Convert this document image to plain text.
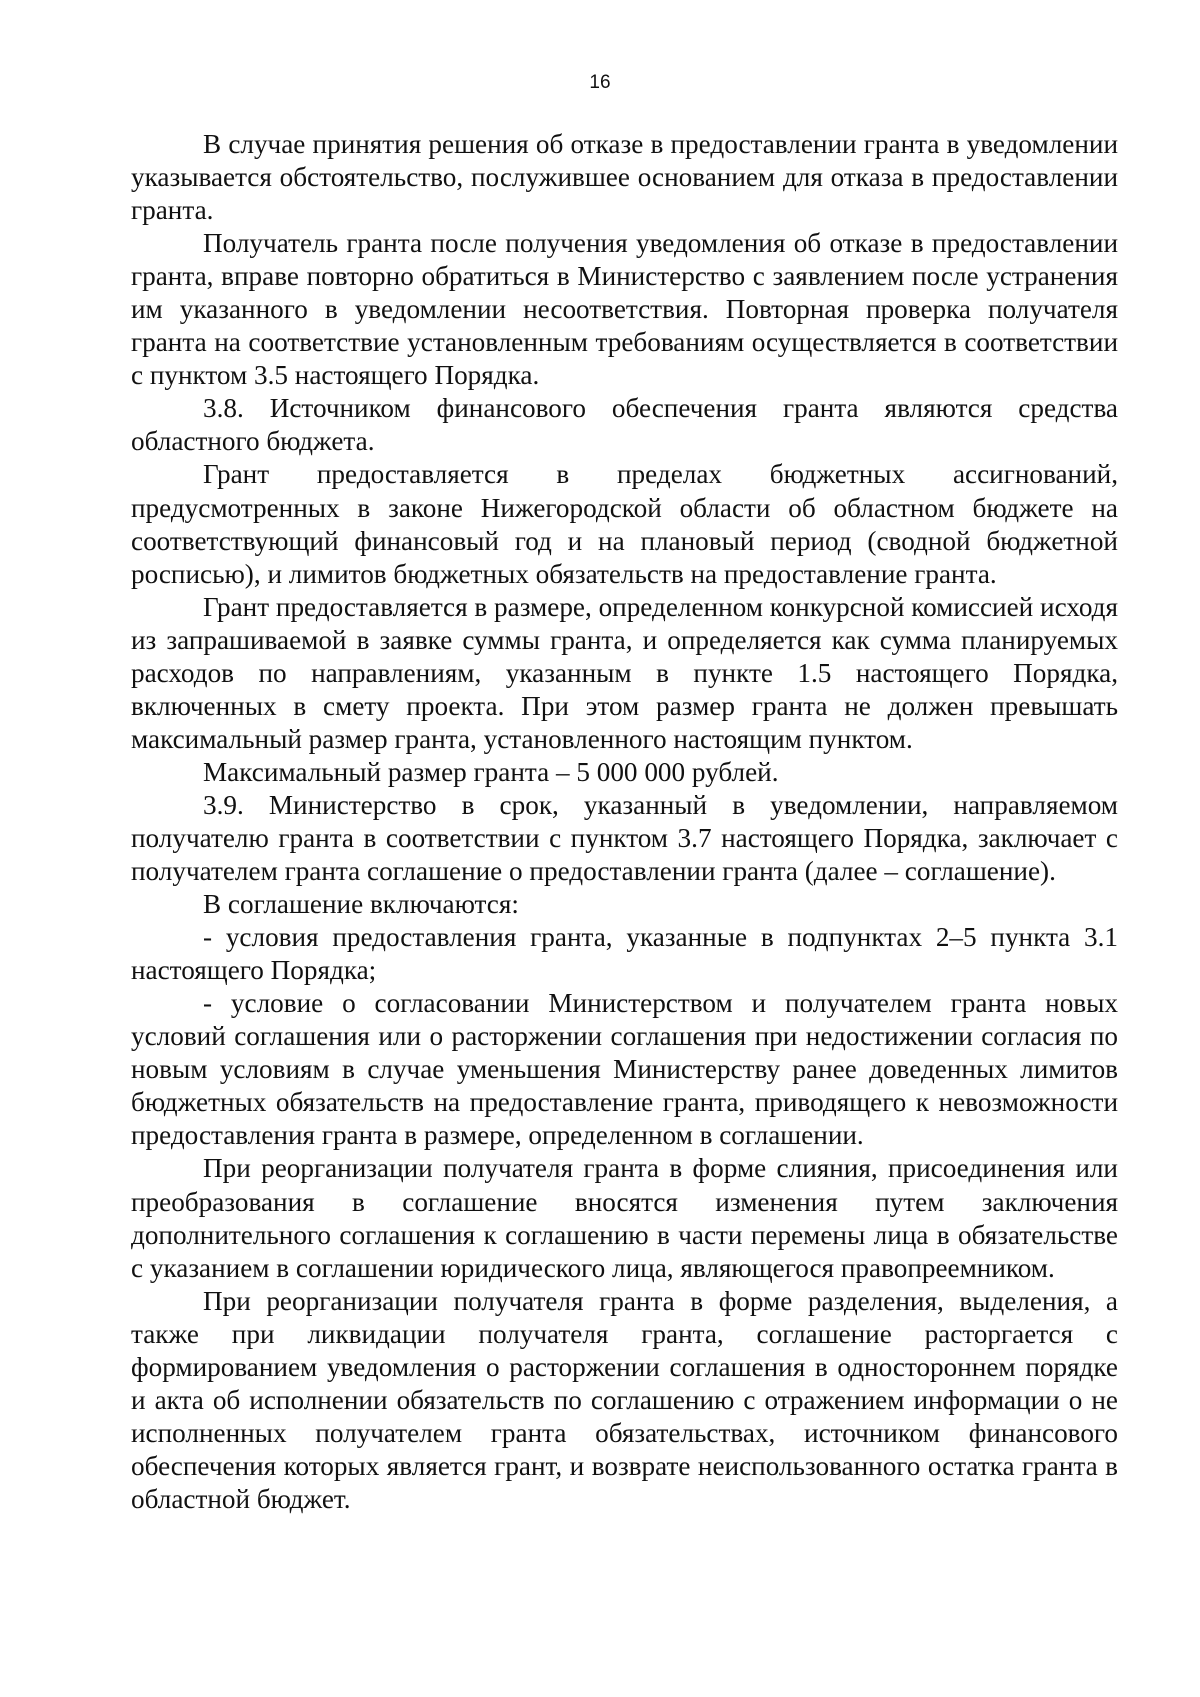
16

В случае принятия решения об отказе в предоставлении гранта в уведомлении указывается обстоятельство, послужившее основанием для отказа в предоставлении гранта.

Получатель гранта после получения уведомления об отказе в предоставлении гранта, вправе повторно обратиться в Министерство с заявлением после устранения им указанного в уведомлении несоответствия. Повторная проверка получателя гранта на соответствие установленным требованиям осуществляется в соответствии с пунктом 3.5 настоящего Порядка.

3.8. Источником финансового обеспечения гранта являются средства областного бюджета.

Грант предоставляется в пределах бюджетных ассигнований, предусмотренных в законе Нижегородской области об областном бюджете на соответствующий финансовый год и на плановый период (сводной бюджетной росписью), и лимитов бюджетных обязательств на предоставление гранта.

Грант предоставляется в размере, определенном конкурсной комиссией исходя из запрашиваемой в заявке суммы гранта, и определяется как сумма планируемых расходов по направлениям, указанным в пункте 1.5 настоящего Порядка, включенных в смету проекта. При этом размер гранта не должен превышать максимальный размер гранта, установленного настоящим пунктом.

Максимальный размер гранта – 5 000 000 рублей.

3.9. Министерство в срок, указанный в уведомлении, направляемом получателю гранта в соответствии с пунктом 3.7 настоящего Порядка, заключает с получателем гранта соглашение о предоставлении гранта (далее – соглашение).

В соглашение включаются:

- условия предоставления гранта, указанные в подпунктах 2–5 пункта 3.1 настоящего Порядка;

- условие о согласовании Министерством и получателем гранта новых условий соглашения или о расторжении соглашения при недостижении согласия по новым условиям в случае уменьшения Министерству ранее доведенных лимитов бюджетных обязательств на предоставление гранта, приводящего к невозможности предоставления гранта в размере, определенном в соглашении.

При реорганизации получателя гранта в форме слияния, присоединения или преобразования в соглашение вносятся изменения путем заключения дополнительного соглашения к соглашению в части перемены лица в обязательстве с указанием в соглашении юридического лица, являющегося правопреемником.

При реорганизации получателя гранта в форме разделения, выделения, а также при ликвидации получателя гранта, соглашение расторгается с формированием уведомления о расторжении соглашения в одностороннем порядке и акта об исполнении обязательств по соглашению с отражением информации о не исполненных получателем гранта обязательствах, источником финансового обеспечения которых является грант, и возврате неиспользованного остатка гранта в областной бюджет.
